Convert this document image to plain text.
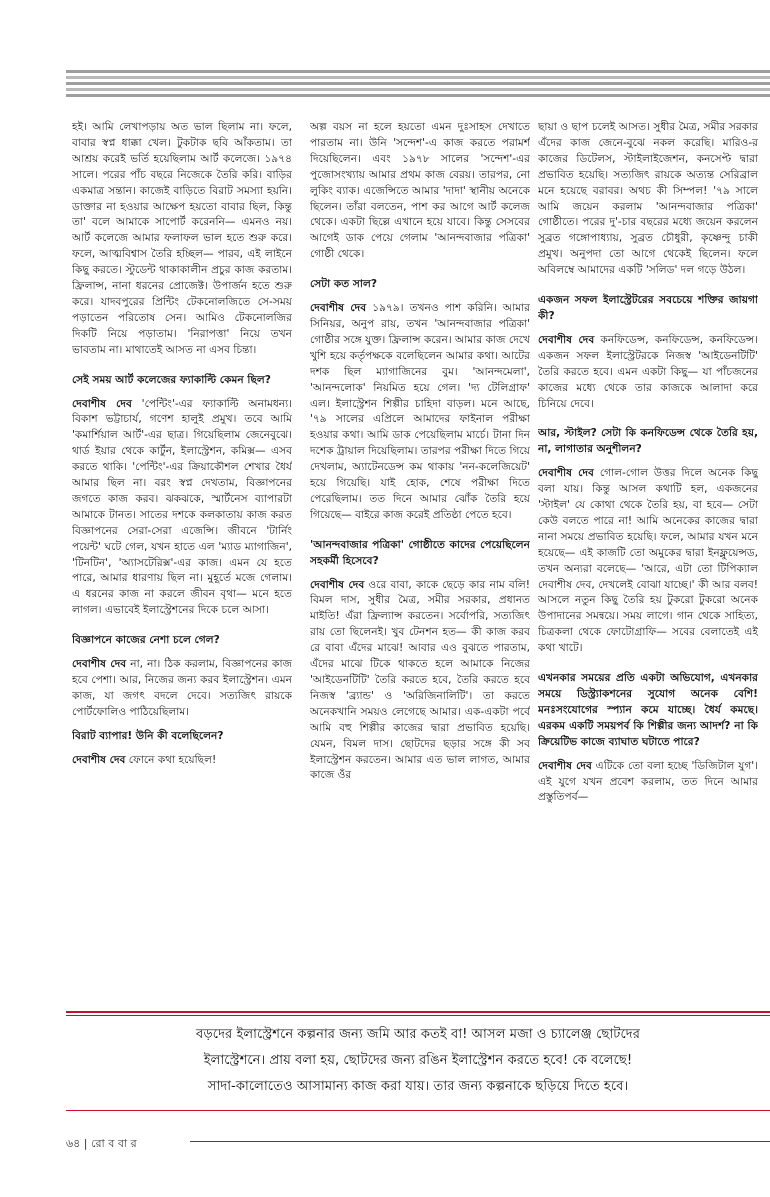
হই। আমি লেখাপড়ায় অত ভাল ছিলাম না। ফলে, বাবার স্বপ্ন ধাক্কা খেল। টুকটাক ছবি আঁকতাম। তা আশ্রয় করেই ভর্তি হয়েছিলাম আর্ট কলেজে। ১৯৭৪ সালে। পরের পাঁচ বছরে নিজেকে তৈরি করি। বাড়ির একমাত্র সন্তান। কাজেই বাড়িতে বিরাট সমস্যা হয়নি। ডাক্তার না হওয়ার আক্ষেপ হয়তো বাবার ছিল, কিন্তু তা' বলে আমাকে সাপোর্ট করেননি— এমনও নয়। আর্ট কলেজে আমার ফলাফল ভাল হতে শুরু করে। ফলে, আত্মবিশ্বাস তৈরি হচ্ছিল— পারব, এই লাইনে কিছু করতে। স্টুডেন্ট থাকাকালীন প্রচুর কাজ করতাম। ফ্রিলান্স, নানা ধরনের প্রোজেক্ট। উপার্জন হতে শুরু করে। যাদবপুরের প্রিন্টিং টেকনোলজিতে সে-সময় পড়াতেন পরিতোষ সেন। আমিও টেকনোলজির দিকটি নিয়ে পড়াতাম। 'নিরাপত্তা' নিয়ে তখন ভাবতাম না। মাথাতেই আসত না এসব চিন্তা।

সেই সময় আর্ট কলেজের ফ্যাকাল্টি কেমন ছিল?

দেবাশীষ দেব 'পেন্টিং'-এর ফ্যাকাল্টি অনামধন্য। বিকাশ ভট্টাচার্য, গণেশ হালুই প্রমুখ। তবে আমি 'কমার্শিয়াল আর্ট'-এর ছাত্র। গিয়েছিলাম জেনেবুঝে। থার্ড ইয়ার থেকে কার্টুন, ইলাস্ট্রেশন, কমিক্স— এসব করতে থাকি। 'পেন্টিং'-এর ক্রিয়াকৌশল শেখার ধৈর্য আমার ছিল না। বরং স্বপ্ন দেখতাম, বিজ্ঞাপনের জগতে কাজ করব। ঝকঝকে, স্মার্টনেস ব্যাপারটা আমাকে টানত। সাতের দশকে কলকাতায় কাজ করত বিজ্ঞাপনের সেরা-সেরা এজেন্সি। জীবনে 'টার্নিং পয়েন্ট' ঘটে গেল, যখন হাতে এল 'ম্যাড ম্যাগাজিন', 'টিনটিন', 'অ্যাসটেরিক্স'-এর কাজ। এমন যে হতে পারে, আমার ধারণায় ছিল না। মুহূর্তে মজে গেলাম। এ ধরনের কাজ না করলে জীবন বৃথা— মনে হতে লাগল। এভাবেই ইলাস্ট্রেশনের দিকে চলে আসা।

বিজ্ঞাপনে কাজের নেশা চলে গেল?

দেবাশীষ দেব না, না। ঠিক করলাম, বিজ্ঞাপনের কাজ হবে পেশা। আর, নিজের জন্য করব ইলাস্ট্রেশন। এমন কাজ, যা জগৎ বদলে দেবে। সত্যজিৎ রায়কে পোর্টফোলিও পাঠিয়েছিলাম।

বিরাট ব্যাপার! উনি কী বলেছিলেন?

দেবাশীষ দেব ফোনে কথা হয়েছিল!

অল্প বয়স না হলে হয়তো এমন দুঃসাহস দেখাতে পারতাম না। উনি 'সন্দেশ'-এ কাজ করতে পরামর্শ দিয়েছিলেন। এবং ১৯৭৮ সালের 'সন্দেশ'-এর পুজোসংখ্যায় আমার প্রথম কাজ বেরয়। তারপর, নো লুকিং ব্যাক। এজেন্সিতে আমার 'দাদা' স্থানীয় অনেকে ছিলেন। তাঁরা বলতেন, পাশ কর আগে আর্ট কলেজ থেকে। একটা ছিল্লে এখানে হয়ে যাবে। কিন্তু সেসবের আগেই ডাক পেয়ে গেলাম 'আনন্দবাজার পত্রিকা' গোষ্ঠী থেকে।

সেটা কত সাল?

দেবাশীষ দেব ১৯৭৯। তখনও পাশ করিনি। আমার সিনিয়র, অনুপ রায়, তখন 'আনন্দবাজার পত্রিকা' গোষ্ঠীর সঙ্গে যুক্ত। ফ্রিলান্স করেন। আমার কাজ দেখে খুশি হয়ে কর্তৃপক্ষকে বলেছিলেন আমার কথা। আটের দশক ছিল ম্যাগাজিনের বুম। 'আনন্দমেলা', 'আনন্দলোক' নিয়মিত হয়ে গেল। 'দ্য টেলিগ্রাফ' এল। ইলাস্ট্রেশন শিল্পীর চাহিদা বাড়ল। মনে আছে, '৭৯ সালের এপ্রিলে আমাদের ফাইনাল পরীক্ষা হওয়ার কথা। আমি ডাক পেয়েছিলাম মার্চে। টানা দিন দশেক ট্রায়াল দিয়েছিলাম। তারপর পরীক্ষা দিতে গিয়ে দেখলাম, অ্যাটেনডেন্স কম থাকায় 'নন-কলেজিয়েট' হয়ে গিয়েছি। যাই হোক, শেষে পরীক্ষা দিতে পেরেছিলাম। তত দিনে আমার ঝোঁক তৈরি হয়ে গিয়েছে— বাইরে কাজ করেই প্রতিষ্ঠা পেতে হবে।

'আনন্দবাজার পত্রিকা' গোষ্ঠীতে কাদের পেয়েছিলেন সহকর্মী হিসেবে?

দেবাশীষ দেব ওরে বাবা, কাকে ছেড়ে কার নাম বলি! বিমল দাস, সুধীর মৈত্র, সমীর সরকার, প্রধানত মাইতি! এঁরা ফ্রিল্যান্স করতেন। সর্বোপরি, সত্যজিৎ রায় তো ছিলেনই। খুব টেনশন হত— কী কাজ করব রে বাবা এঁদের মাঝে! আবার এও বুঝতে পারতাম, এঁদের মাঝে টিকে থাকতে হলে আমাকে নিজের 'আইডেনটিটি' তৈরি করতে হবে, তৈরি করতে হবে নিজস্ব 'ব্র্যান্ড' ও 'অরিজিনালিটি'। তা করতে অনেকখানি সময়ও লেগেছে আমার। এক-একটা পর্বে আমি বহু শিল্পীর কাজের দ্বারা প্রভাবিত হয়েছি। যেমন, বিমল দাস। ছোটদের ছড়ার সঙ্গে কী সব ইলাস্ট্রেশন করতেন। আমার এত ভাল লাগত, আমার কাজে ওঁর

ছায়া ও ছাপ চলেই আসত। সুধীর মৈত্র, সমীর সরকার এঁদের কাজ জেনে-বুঝে নকল করেছি। মারিও-র কাজের ডিটেলস, স্টাইলাইজেশন, কনসেপ্ট দ্বারা প্রভাবিত হয়েছি। সত্যজিৎ রায়কে অত্যন্ত সেরিব্রাল মনে হয়েছে বরাবর। অথচ কী সিম্পল! '৭৯ সালে আমি জয়েন করলাম 'আনন্দবাজার পত্রিকা' গোষ্ঠীতে। পরের দু'-চার বছরের মধ্যে জয়েন করলেন সুব্রত গঙ্গোপাধ্যায়, সুব্রত চৌধুরী, কৃষ্ণেন্দু চাকী প্রমুখ। অনুপদা তো আগে থেকেই ছিলেন। ফলে অবিলম্বে আমাদের একটি 'সলিড' দল গড়ে উঠল।

একজন সফল ইলাস্ট্রেটরের সবচেয়ে শক্তির জায়গা কী?

দেবাশীষ দেব কনফিডেন্স, কনফিডেন্স, কনফিডেন্স। একজন সফল ইলাস্ট্রেটরকে নিজস্ব 'আইডেনটিটি' তৈরি করতে হবে। এমন একটা কিছু— যা পাঁচজনের কাজের মধ্যে থেকে তার কাজকে আলাদা করে চিনিয়ে দেবে।

আর, স্টাইল? সেটা কি কনফিডেন্স থেকে তৈরি হয়, না, লাগাতার অনুশীলন?

দেবাশীষ দেব গোল-গোল উত্তর দিলে অনেক কিছু বলা যায়। কিন্তু আসল কথাটি হল, একজনের 'স্টাইল' যে কোথা থেকে তৈরি হয়, বা হবে— সেটা কেউ বলতে পারে না! আমি অনেকের কাজের দ্বারা নানা সময়ে প্রভাবিত হয়েছি। ফলে, আমার যখন মনে হয়েছে— এই কাজটি তো অমুকের দ্বারা ইনফ্লুয়েন্সড, তখন অন্যরা বলেছে— 'আরে, এটা তো টিপিক্যাল দেবাশীষ দেব, দেখলেই বোঝা যাচ্ছে।' কী আর বলব! আসলে নতুন কিছু তৈরি হয় টুকরো টুকরো অনেক উপাদানের সমন্বয়ে। সময় লাগে। গান থেকে সাহিত্য, চিত্রকলা থেকে ফোটোগ্রাফি— সবের বেলাতেই এই কথা খাটে।

এখনকার সময়ের প্রতি একটা অভিযোগ, এখনকার সময়ে ডিস্ট্র্যাকশনের সুযোগ অনেক বেশি! মনঃসংযোগের স্প্যান কমে যাচ্ছে। ধৈর্য কমছে। এরকম একটি সময়পর্ব কি শিল্পীর জন্য আদর্শ? না কি ক্রিয়েটিভ কাজে ব্যাঘাত ঘটাতে পারে?

দেবাশীষ দেব এটিকে তো বলা হচ্ছে 'ডিজিটাল যুগ'। এই যুগে যখন প্রবেশ করলাম, তত দিনে আমার প্রস্তুতিপর্ব—

বড়দের ইলাস্ট্রেশনে কল্পনার জন্য জমি আর কতই বা! আসল মজা ও চ্যালেঞ্জ ছোটদের
ইলাস্ট্রেশনে। প্রায় বলা হয়, ছোটদের জন্য রঙিন ইলাস্ট্রেশন করতে হবে! কে বলেছে!
সাদা-কালোতেও আসামান্য কাজ করা যায়। তার জন্য কল্পনাকে ছড়িয়ে দিতে হবে।
৬৪ | রো ব বা র
